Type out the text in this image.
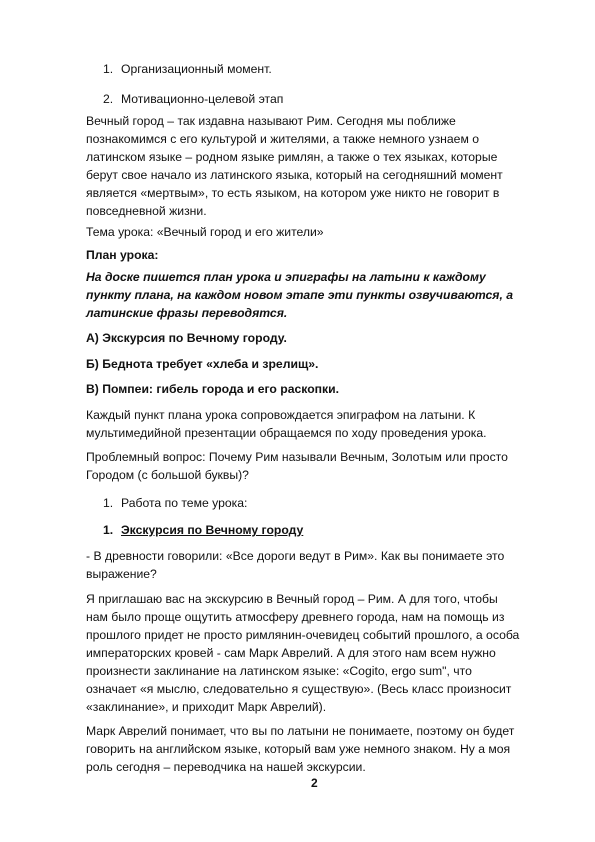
1. Организационный момент.
2. Мотивационно-целевой этап
Вечный город – так издавна называют Рим. Сегодня мы поближе
познакомимся с его культурой и жителями, а также немного узнаем о
латинском языке – родном языке римлян, а также о тех языках, которые
берут свое начало из латинского языка, который на сегодняшний момент
является «мертвым», то есть языком, на котором уже никто не говорит в
повседневной жизни.
Тема урока: «Вечный город и его жители»
План урока:
На доске пишется план урока и эпиграфы на латыни к каждому
пункту плана, на каждом новом этапе эти пункты озвучиваются, а
латинские фразы переводятся.
А) Экскурсия по Вечному городу.
Б) Беднота требует «хлеба и зрелищ».
В) Помпеи: гибель города и его раскопки.
Каждый пункт плана урока сопровождается эпиграфом на латыни. К
мультимедийной презентации обращаемся по ходу проведения урока.
Проблемный вопрос: Почему Рим называли Вечным, Золотым или просто
Городом (с большой буквы)?
1. Работа по теме урока:
1. Экскурсия по Вечному городу
- В древности говорили: «Все дороги ведут в Рим». Как вы понимаете это
выражение?
Я приглашаю вас на экскурсию в Вечный город – Рим. А для того, чтобы
нам было проще ощутить атмосферу древнего города, нам на помощь из
прошлого придет не просто римлянин-очевидец событий прошлого, а особа
императорских кровей - сам Марк Аврелий. А для этого нам всем нужно
произнести заклинание на латинском языке: «Cogito, ergo sum", что
означает «я мыслю, следовательно я существую». (Весь класс произносит
«заклинание», и приходит Марк Аврелий).
Марк Аврелий понимает, что вы по латыни не понимаете, поэтому он будет
говорить на английском языке, который вам уже немного знаком. Ну а моя
роль сегодня – переводчика на нашей экскурсии.
2
